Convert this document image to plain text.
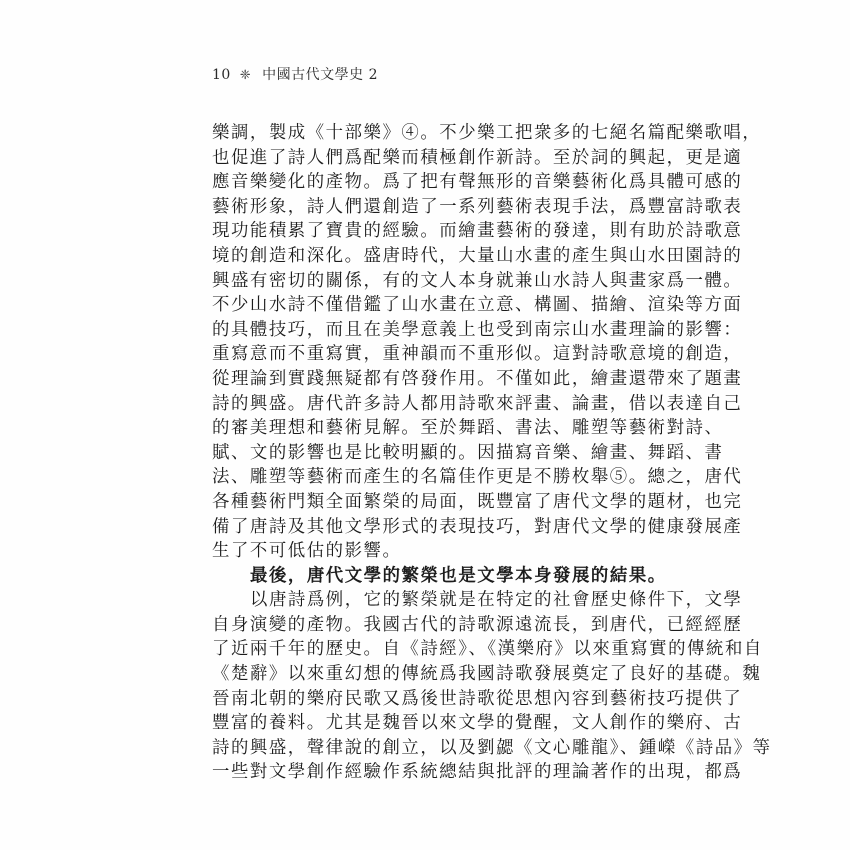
10 ❈ 中國古代文學史 2
樂調，製成《十部樂》④。不少樂工把衆多的七絕名篇配樂歌唱，
也促進了詩人們爲配樂而積極創作新詩。至於詞的興起，更是適
應音樂變化的產物。爲了把有聲無形的音樂藝術化爲具體可感的
藝術形象，詩人們還創造了一系列藝術表現手法，爲豐富詩歌表
現功能積累了寶貴的經驗。而繪畫藝術的發達，則有助於詩歌意
境的創造和深化。盛唐時代，大量山水畫的產生與山水田園詩的
興盛有密切的關係，有的文人本身就兼山水詩人與畫家爲一體。
不少山水詩不僅借鑑了山水畫在立意、構圖、描繪、渲染等方面
的具體技巧，而且在美學意義上也受到南宗山水畫理論的影響：
重寫意而不重寫實，重神韻而不重形似。這對詩歌意境的創造，
從理論到實踐無疑都有啓發作用。不僅如此，繪畫還帶來了題畫
詩的興盛。唐代許多詩人都用詩歌來評畫、論畫，借以表達自己
的審美理想和藝術見解。至於舞蹈、書法、雕塑等藝術對詩、
賦、文的影響也是比較明顯的。因描寫音樂、繪畫、舞蹈、書
法、雕塑等藝術而產生的名篇佳作更是不勝枚舉⑤。總之，唐代
各種藝術門類全面繁榮的局面，既豐富了唐代文學的題材，也完
備了唐詩及其他文學形式的表現技巧，對唐代文學的健康發展產
生了不可低估的影響。
最後，唐代文學的繁榮也是文學本身發展的結果。
以唐詩爲例，它的繁榮就是在特定的社會歷史條件下，文學
自身演變的產物。我國古代的詩歌源遠流長，到唐代，已經經歷
了近兩千年的歷史。自《詩經》、《漢樂府》以來重寫實的傳統和自
《楚辭》以來重幻想的傳統爲我國詩歌發展奠定了良好的基礎。魏
晉南北朝的樂府民歌又爲後世詩歌從思想內容到藝術技巧提供了
豐富的養料。尤其是魏晉以來文學的覺醒，文人創作的樂府、古
詩的興盛，聲律說的創立，以及劉勰《文心雕龍》、鍾嶸《詩品》等
一些對文學創作經驗作系統總結與批評的理論著作的出現，都爲
